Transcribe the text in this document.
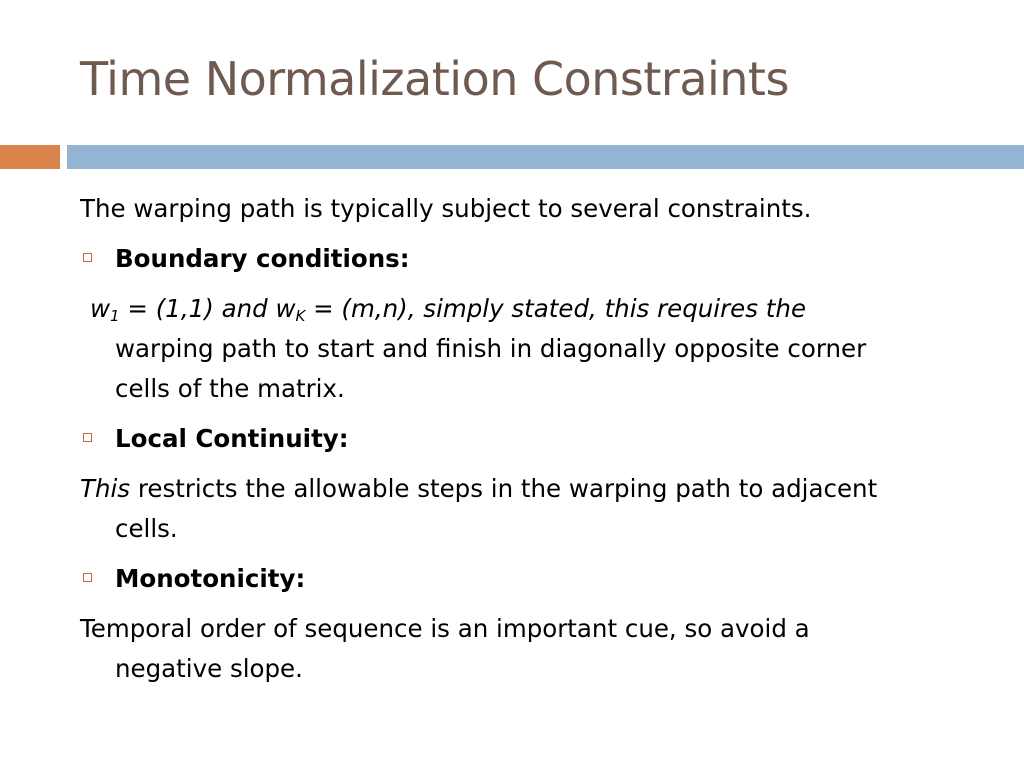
Time Normalization Constraints
The warping path is typically subject to several constraints.
Boundary conditions:
$w_1 = (1,1)$ and $w_K = (m,n)$, simply stated, this requires the
warping path to start and finish in diagonally opposite corner
cells of the matrix.
Local Continuity:
This restricts the allowable steps in the warping path to adjacent
cells.
Monotonicity:
Temporal order of sequence is an important cue, so avoid a
negative slope.
